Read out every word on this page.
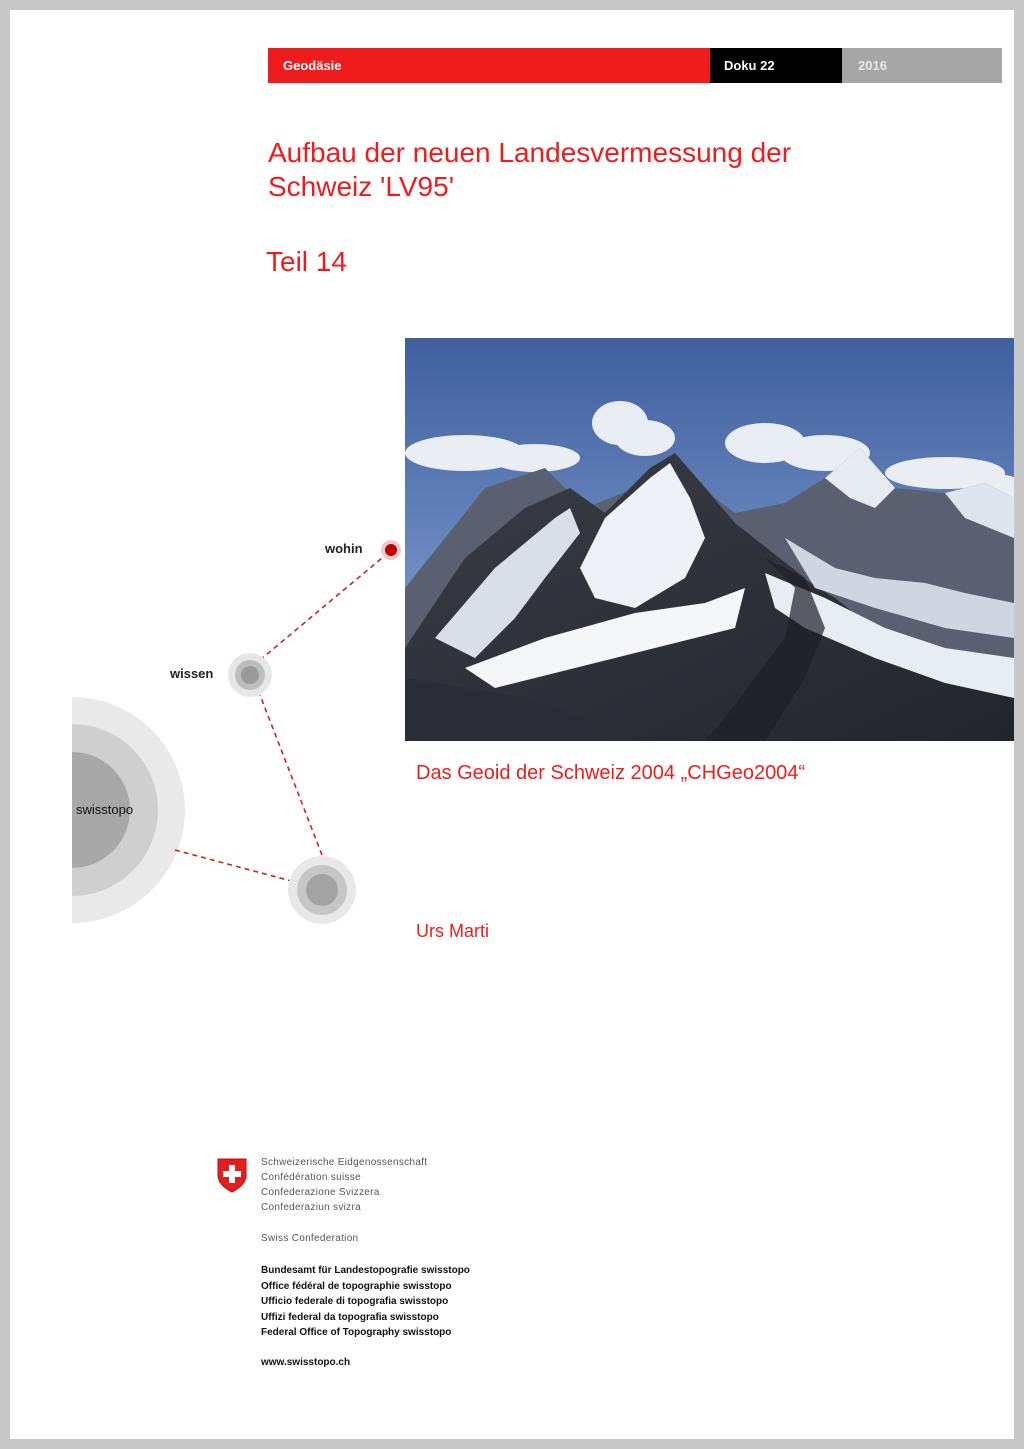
Geodäsie	Doku 22	2016
Aufbau der neuen Landesvermessung der
Schweiz 'LV95'
Teil 14
Das Geoid der Schweiz 2004 „CHGeo2004“
Urs Marti
wohin
wissen
swisstopo
Schweizerische Eidgenossenschaft
Confédération suisse
Confederazione Svizzera
Confederaziun svizra
Swiss Confederation
Bundesamt für Landestopografie swisstopo
Office fédéral de topographie swisstopo
Ufficio federale di topografia swisstopo
Uffizi federal da topografia swisstopo
Federal Office of Topography swisstopo
www.swisstopo.ch
